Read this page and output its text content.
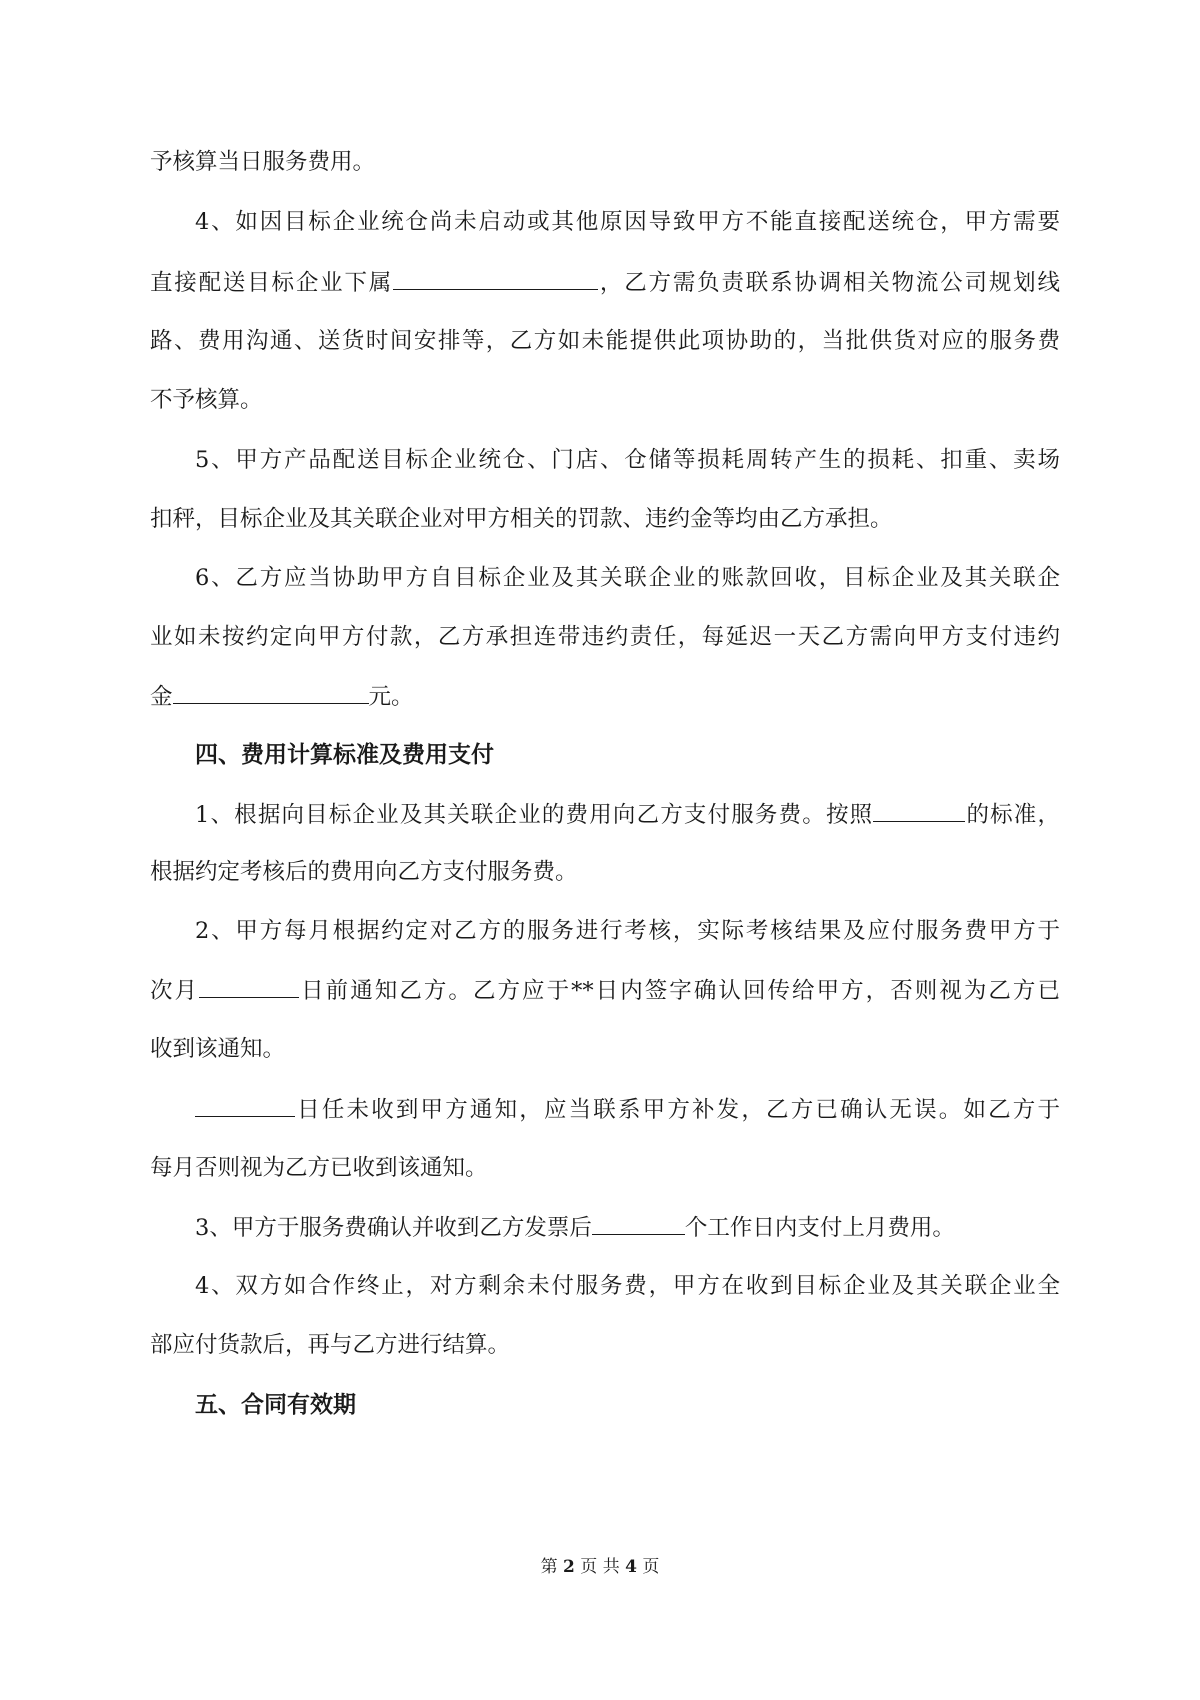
予核算当日服务费用。
4、如因目标企业统仓尚未启动或其他原因导致甲方不能直接配送统仓，甲方需要
直接配送目标企业下属	，乙方需负责联系协调相关物流公司规划线
路、费用沟通、送货时间安排等，乙方如未能提供此项协助的，当批供货对应的服务费
不予核算。
5、甲方产品配送目标企业统仓、门店、仓储等损耗周转产生的损耗、扣重、卖场
扣秤，目标企业及其关联企业对甲方相关的罚款、违约金等均由乙方承担。
6、乙方应当协助甲方自目标企业及其关联企业的账款回收，目标企业及其关联企
业如未按约定向甲方付款，乙方承担连带违约责任，每延迟一天乙方需向甲方支付违约
金	元。
四、费用计算标准及费用支付
1、根据向目标企业及其关联企业的费用向乙方支付服务费。按照	的标准，
根据约定考核后的费用向乙方支付服务费。
2、甲方每月根据约定对乙方的服务进行考核，实际考核结果及应付服务费甲方于
次月	日前通知乙方。乙方应于**日内签字确认回传给甲方，否则视为乙方已
收到该通知。
日任未收到甲方通知，应当联系甲方补发，乙方已确认无误。如乙方于
每月否则视为乙方已收到该通知。
3、甲方于服务费确认并收到乙方发票后	个工作日内支付上月费用。
4、双方如合作终止，对方剩余未付服务费，甲方在收到目标企业及其关联企业全
部应付货款后，再与乙方进行结算。
五、合同有效期
第 2 页 共 4 页
